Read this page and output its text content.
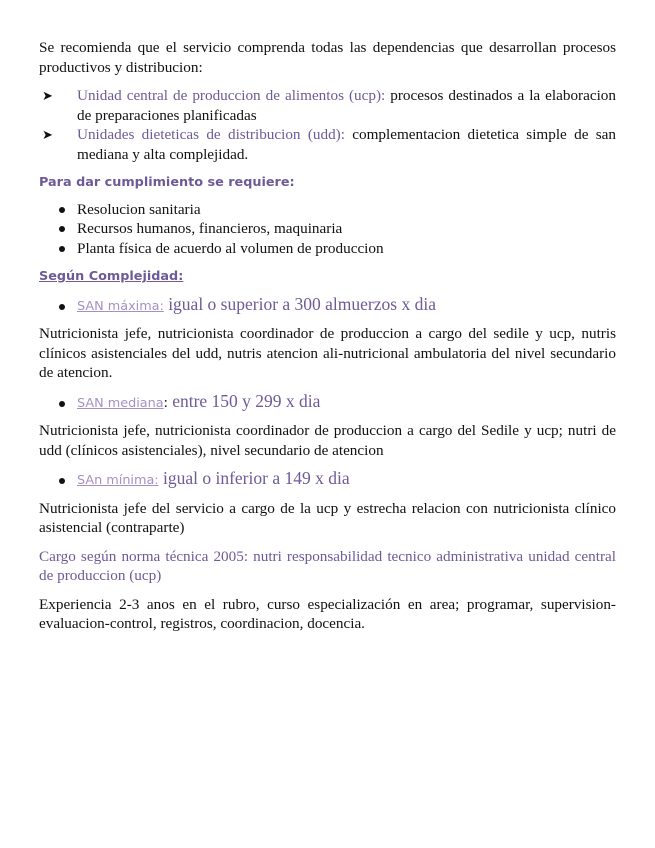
Se recomienda que el servicio comprenda todas las dependencias que desarrollan procesos productivos y distribucion:

➤ Unidad central de produccion de alimentos (ucp): procesos destinados a la elaboracion de preparaciones planificadas
➤ Unidades dieteticas de distribucion (udd): complementacion dietetica simple de san mediana y alta complejidad.

Para dar cumplimiento se requiere:

Resolucion sanitaria
Recursos humanos, financieros, maquinaria
Planta física de acuerdo al volumen de produccion

Según Complejidad:

SAN máxima: igual o superior a 300 almuerzos x dia

Nutricionista jefe, nutricionista coordinador de produccion a cargo del sedile y ucp, nutris clínicos asistenciales del udd, nutris atencion ali-nutricional ambulatoria del nivel secundario de atencion.

SAN mediana: entre 150 y 299 x dia

Nutricionista jefe, nutricionista coordinador de produccion a cargo del Sedile y ucp; nutri de udd (clínicos asistenciales), nivel secundario de atencion

SAn mínima: igual o inferior a 149 x dia

Nutricionista jefe del servicio a cargo de la ucp y estrecha relacion con nutricionista clínico asistencial (contraparte)

Cargo según norma técnica 2005: nutri responsabilidad tecnico administrativa unidad central de produccion (ucp)

Experiencia 2-3 anos en el rubro, curso especialización en area; programar, supervision-evaluacion-control, registros, coordinacion, docencia.
